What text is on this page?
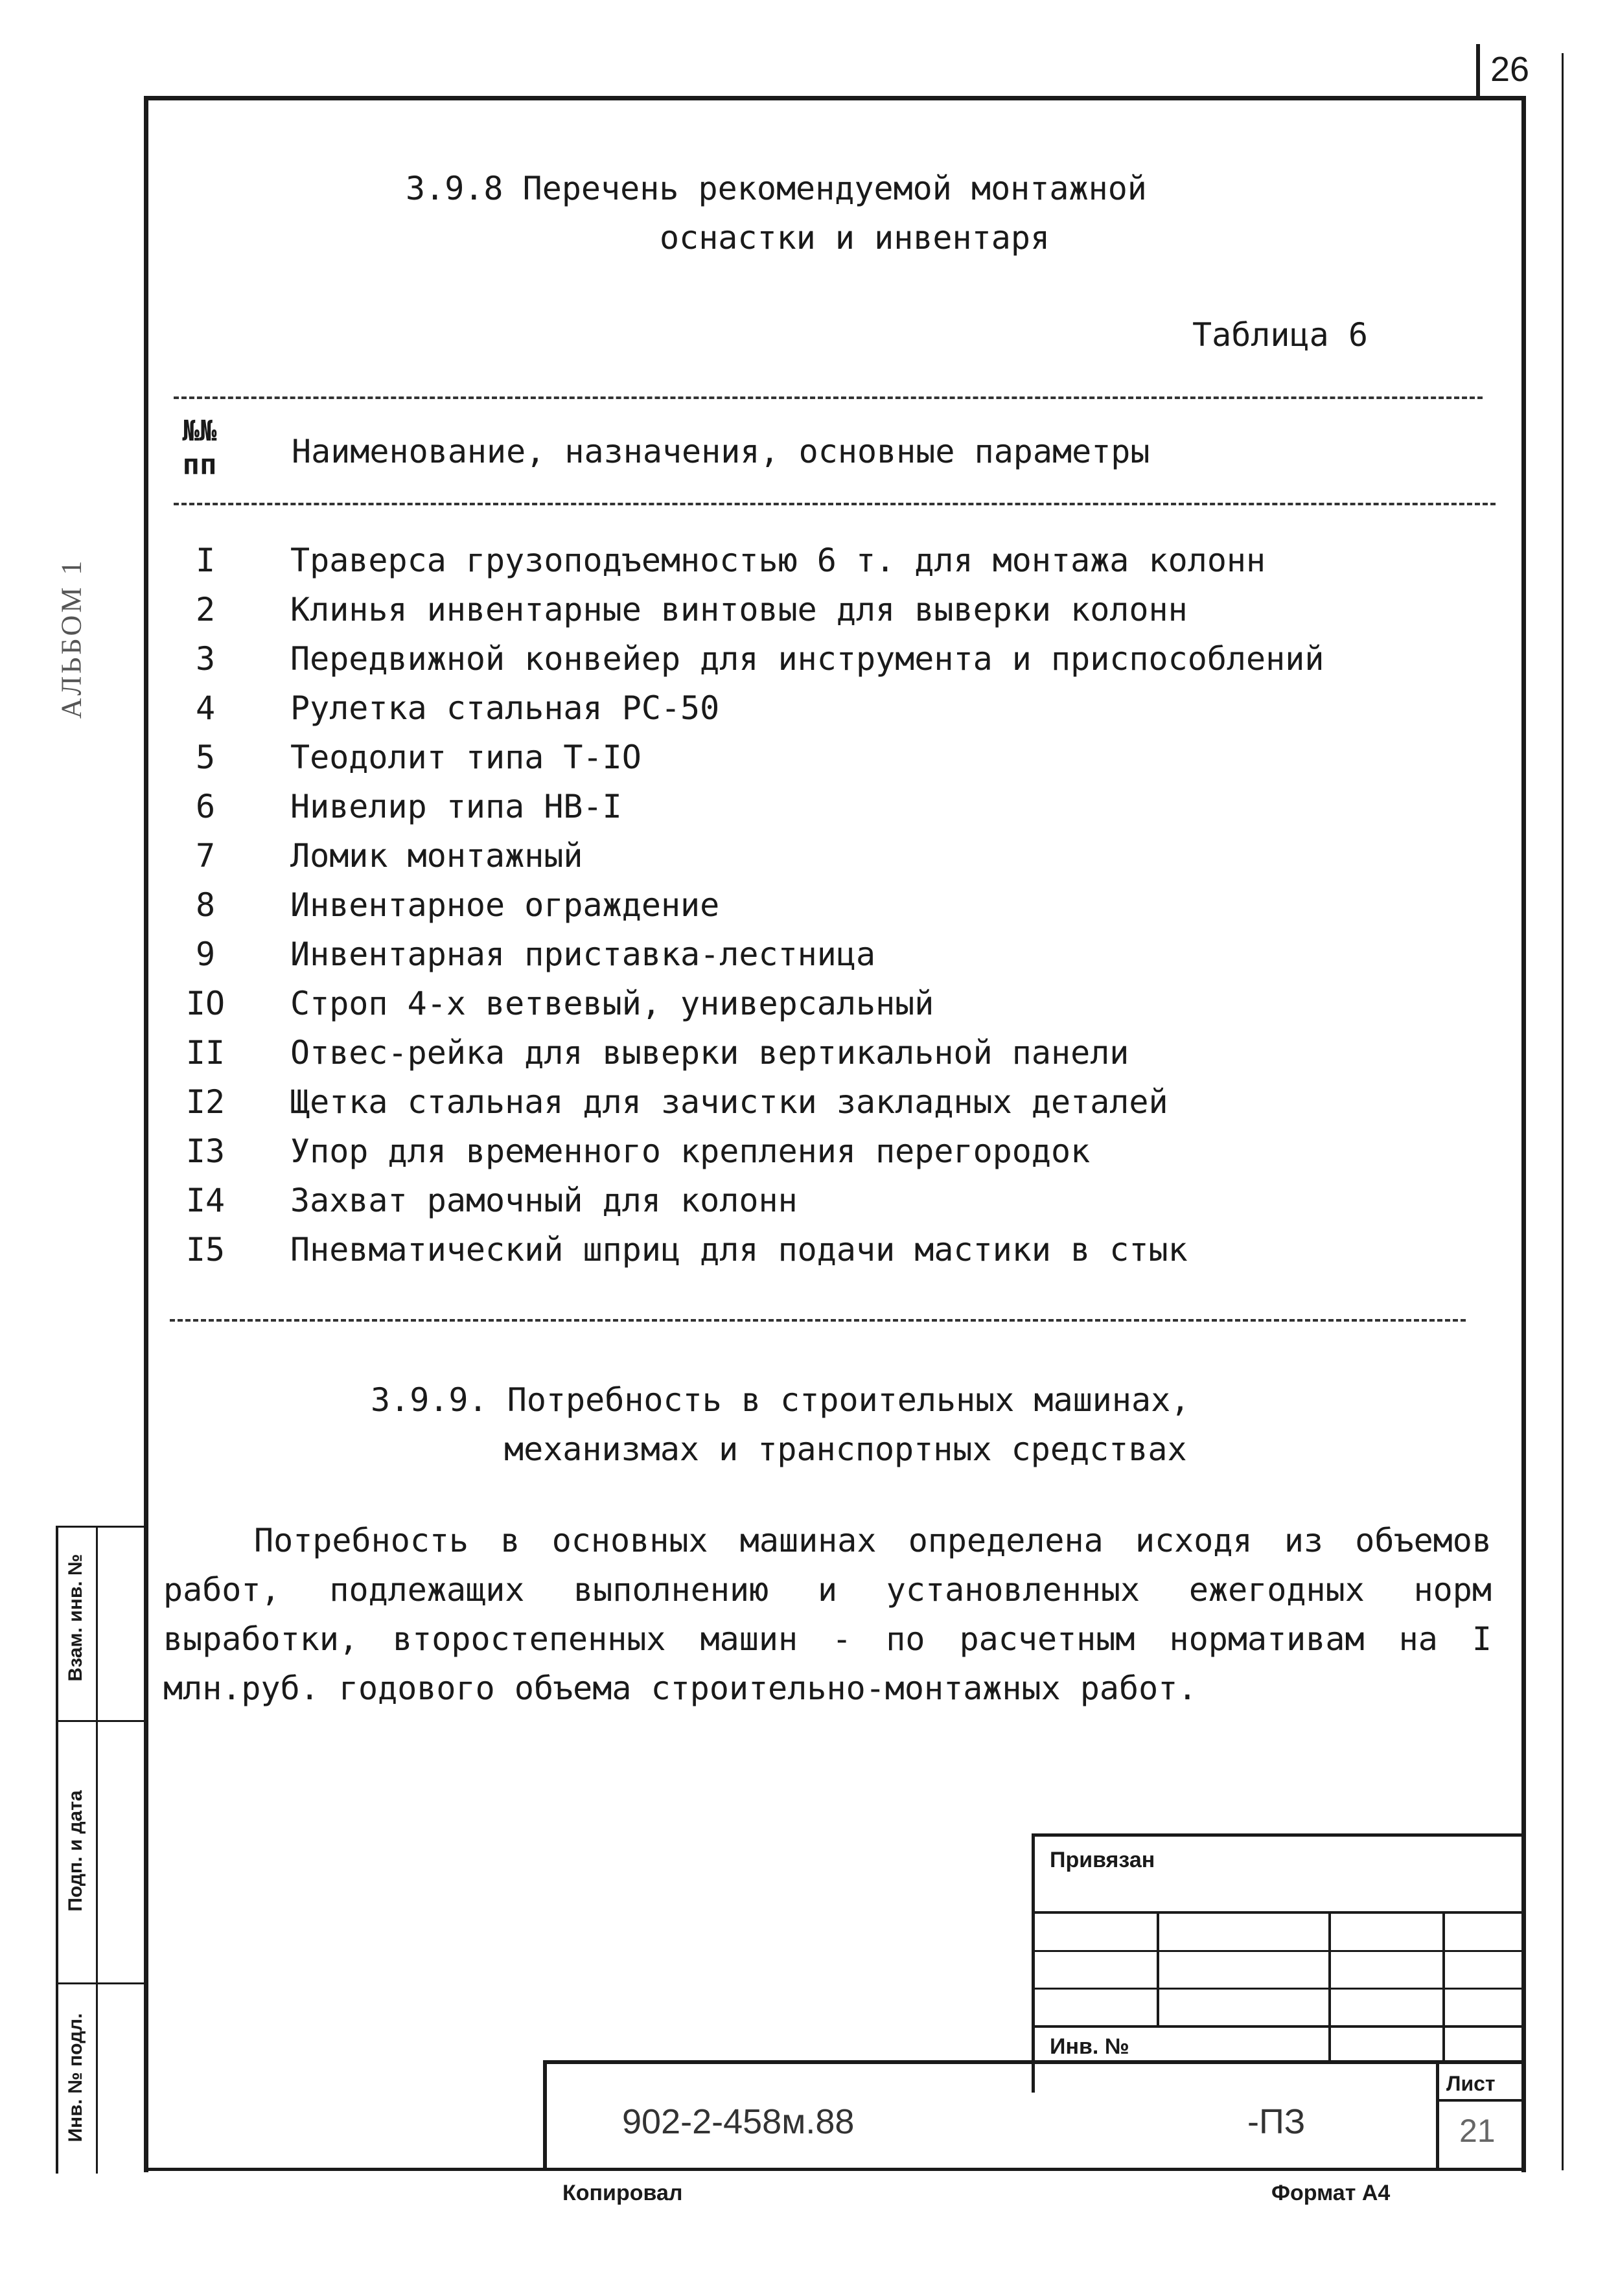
26
АЛЬБОМ 1
Взам. инв. №
Подп. и дата
Инв. № подл.
3.9.8 Перечень рекомендуемой монтажной
оснастки и инвентаря
Таблица 6
№№ пп Наименование, назначения, основные параметры
I	Траверса грузоподъемностью 6 т. для монтажа колонн
2	Клинья инвентарные винтовые для выверки колонн
3	Передвижной конвейер для инструмента и приспособлений
4	Рулетка стальная РС-50
5	Теодолит типа Т-IO
6	Нивелир типа НВ-I
7	Ломик монтажный
8	Инвентарное ограждение
9	Инвентарная приставка-лестница
IO	Строп 4-х ветвевый, универсальный
II	Отвес-рейка для выверки вертикальной панели
I2	Щетка стальная для зачистки закладных деталей
I3	Упор для временного крепления перегородок
I4	Захват рамочный для колонн
I5	Пневматический шприц для подачи мастики в стык
3.9.9. Потребность в строительных машинах,
механизмах и транспортных средствах

Потребность в основных машинах определена исходя из объемов работ, подлежащих выполнению и установленных ежегодных норм выработки, второстепенных машин - по расчетным нормативам на I млн.руб. годового объема строительно-монтажных работ.

Привязан
Инв. №
Лист
902-2-458м.88	-ПЗ	21
Копировал	Формат А4
